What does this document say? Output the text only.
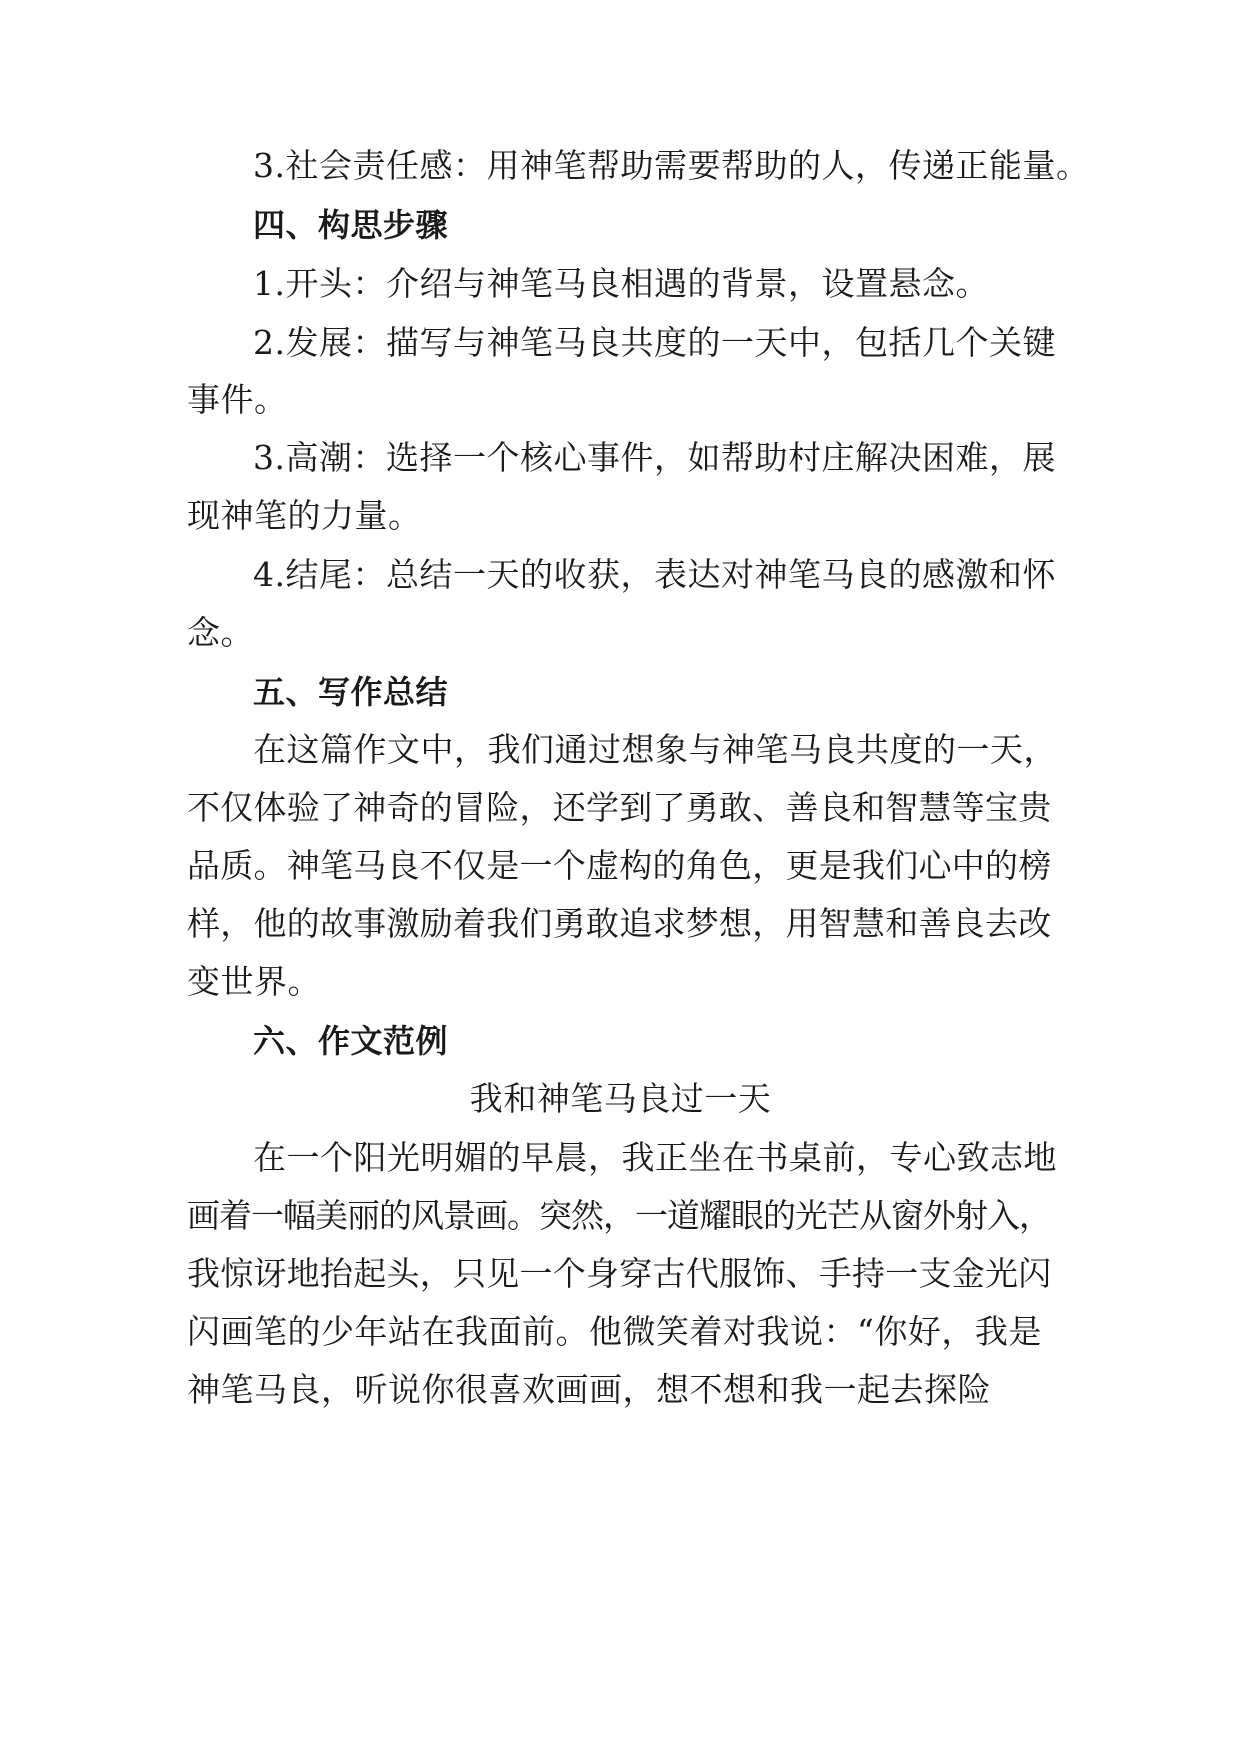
3.社会责任感：用神笔帮助需要帮助的人，传递正能量。
四、构思步骤
1.开头：介绍与神笔马良相遇的背景，设置悬念。
2.发展：描写与神笔马良共度的一天中，包括几个关键
事件。
3.高潮：选择一个核心事件，如帮助村庄解决困难，展
现神笔的力量。
4.结尾：总结一天的收获，表达对神笔马良的感激和怀
念。
五、写作总结
在这篇作文中，我们通过想象与神笔马良共度的一天，
不仅体验了神奇的冒险，还学到了勇敢、善良和智慧等宝贵
品质。神笔马良不仅是一个虚构的角色，更是我们心中的榜
样，他的故事激励着我们勇敢追求梦想，用智慧和善良去改
变世界。
六、作文范例
我和神笔马良过一天
在一个阳光明媚的早晨，我正坐在书桌前，专心致志地
画着一幅美丽的风景画。突然，一道耀眼的光芒从窗外射入，
我惊讶地抬起头，只见一个身穿古代服饰、手持一支金光闪
闪画笔的少年站在我面前。他微笑着对我说：“你好，我是
神笔马良，听说你很喜欢画画，想不想和我一起去探险
